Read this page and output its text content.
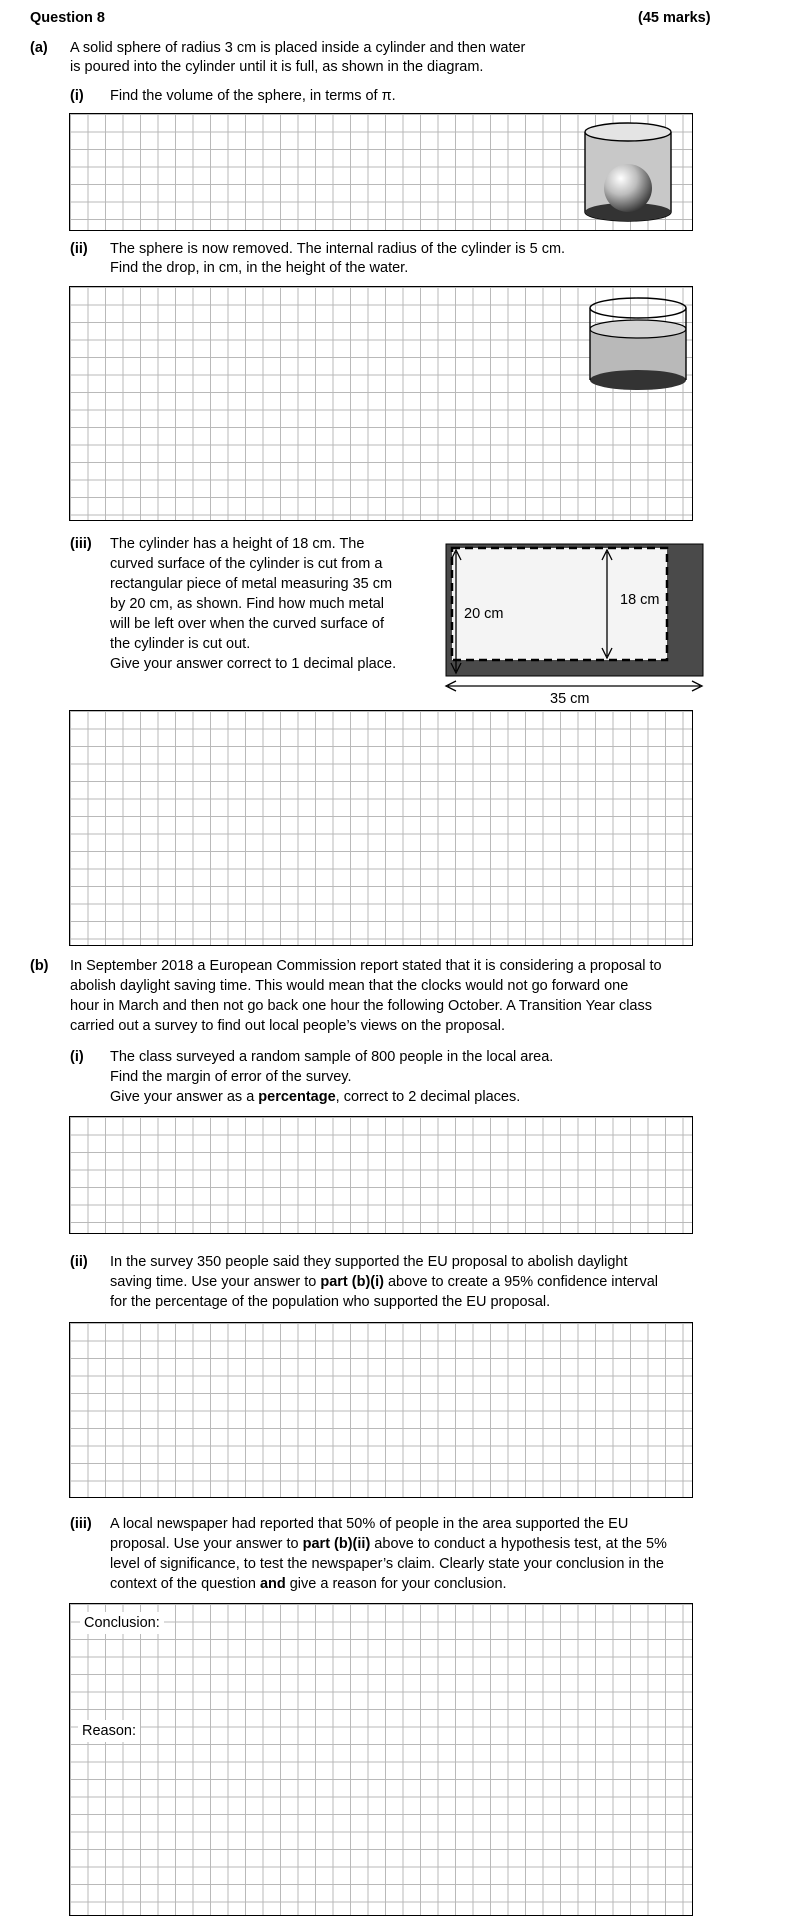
Question 8	(45 marks)
(a) A solid sphere of radius 3 cm is placed inside a cylinder and then water
is poured into the cylinder until it is full, as shown in the diagram.
(i) Find the volume of the sphere, in terms of π.
(ii) The sphere is now removed. The internal radius of the cylinder is 5 cm.
Find the drop, in cm, in the height of the water.
(iii) The cylinder has a height of 18 cm. The
curved surface of the cylinder is cut from a
rectangular piece of metal measuring 35 cm
by 20 cm, as shown. Find how much metal
will be left over when the curved surface of
the cylinder is cut out.
Give your answer correct to 1 decimal place.
18 cm
20 cm
35 cm
(b) In September 2018 a European Commission report stated that it is considering a proposal to
abolish daylight saving time. This would mean that the clocks would not go forward one
hour in March and then not go back one hour the following October. A Transition Year class
carried out a survey to find out local people’s views on the proposal.
(i) The class surveyed a random sample of 800 people in the local area.
Find the margin of error of the survey.
Give your answer as a percentage, correct to 2 decimal places.
(ii) In the survey 350 people said they supported the EU proposal to abolish daylight
saving time. Use your answer to part (b)(i) above to create a 95% confidence interval
for the percentage of the population who supported the EU proposal.
(iii) A local newspaper had reported that 50% of people in the area supported the EU
proposal. Use your answer to part (b)(ii) above to conduct a hypothesis test, at the 5%
level of significance, to test the newspaper’s claim. Clearly state your conclusion in the
context of the question and give a reason for your conclusion.
Conclusion:
Reason:
